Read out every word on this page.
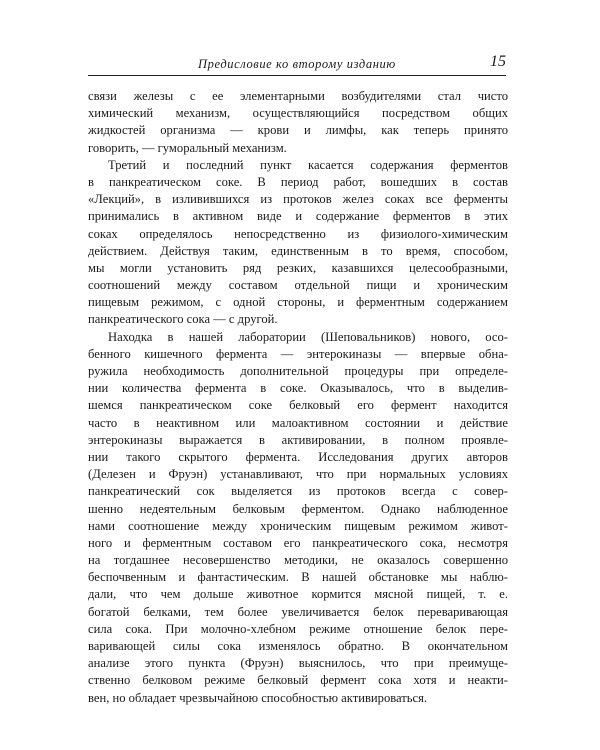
Предисловие ко второму изданию	15
связи железы с ее элементарными возбудителями стал чисто
химический механизм, осуществляющийся посредством общих
жидкостей организма — крови и лимфы, как теперь принято
говорить, — гуморальный механизм.
Третий и последний пункт касается содержания ферментов
в панкреатическом соке. В период работ, вошедших в состав
«Лекций», в изливившихся из протоков желез соках все ферменты
принимались в активном виде и содержание ферментов в этих
соках определялось непосредственно из физиолого-химическим
действием. Действуя таким, единственным в то время, способом,
мы могли установить ряд резких, казавшихся целесообразными,
соотношений между составом отдельной пищи и хроническим
пищевым режимом, с одной стороны, и ферментным содержанием
панкреатического сока — с другой.
Находка в нашей лаборатории (Шеповальников) нового, осо-
бенного кишечного фермента — энтерокиназы — впервые обна-
ружила необходимость дополнительной процедуры при определе-
нии количества фермента в соке. Оказывалось, что в выделив-
шемся панкреатическом соке белковый его фермент находится
часто в неактивном или малоактивном состоянии и действие
энтерокиназы выражается в активировании, в полном проявле-
нии такого скрытого фермента. Исследования других авторов
(Делезен и Фруэн) устанавливают, что при нормальных условиях
панкреатический сок выделяется из протоков всегда с совер-
шенно недеятельным белковым ферментом. Однако наблюденное
нами соотношение между хроническим пищевым режимом живот-
ного и ферментным составом его панкреатического сока, несмотря
на тогдашнее несовершенство методики, не оказалось совершенно
беспочвенным и фантастическим. В нашей обстановке мы наблю-
дали, что чем дольше животное кормится мясной пищей, т. е.
богатой белками, тем более увеличивается белок переваривающая
сила сока. При молочно-хлебном режиме отношение белок пере-
варивающей силы сока изменялось обратно. В окончательном
анализе этого пункта (Фруэн) выяснилось, что при преимуще-
ственно белковом режиме белковый фермент сока хотя и неакти-
вен, но обладает чрезвычайною способностью активироваться.
